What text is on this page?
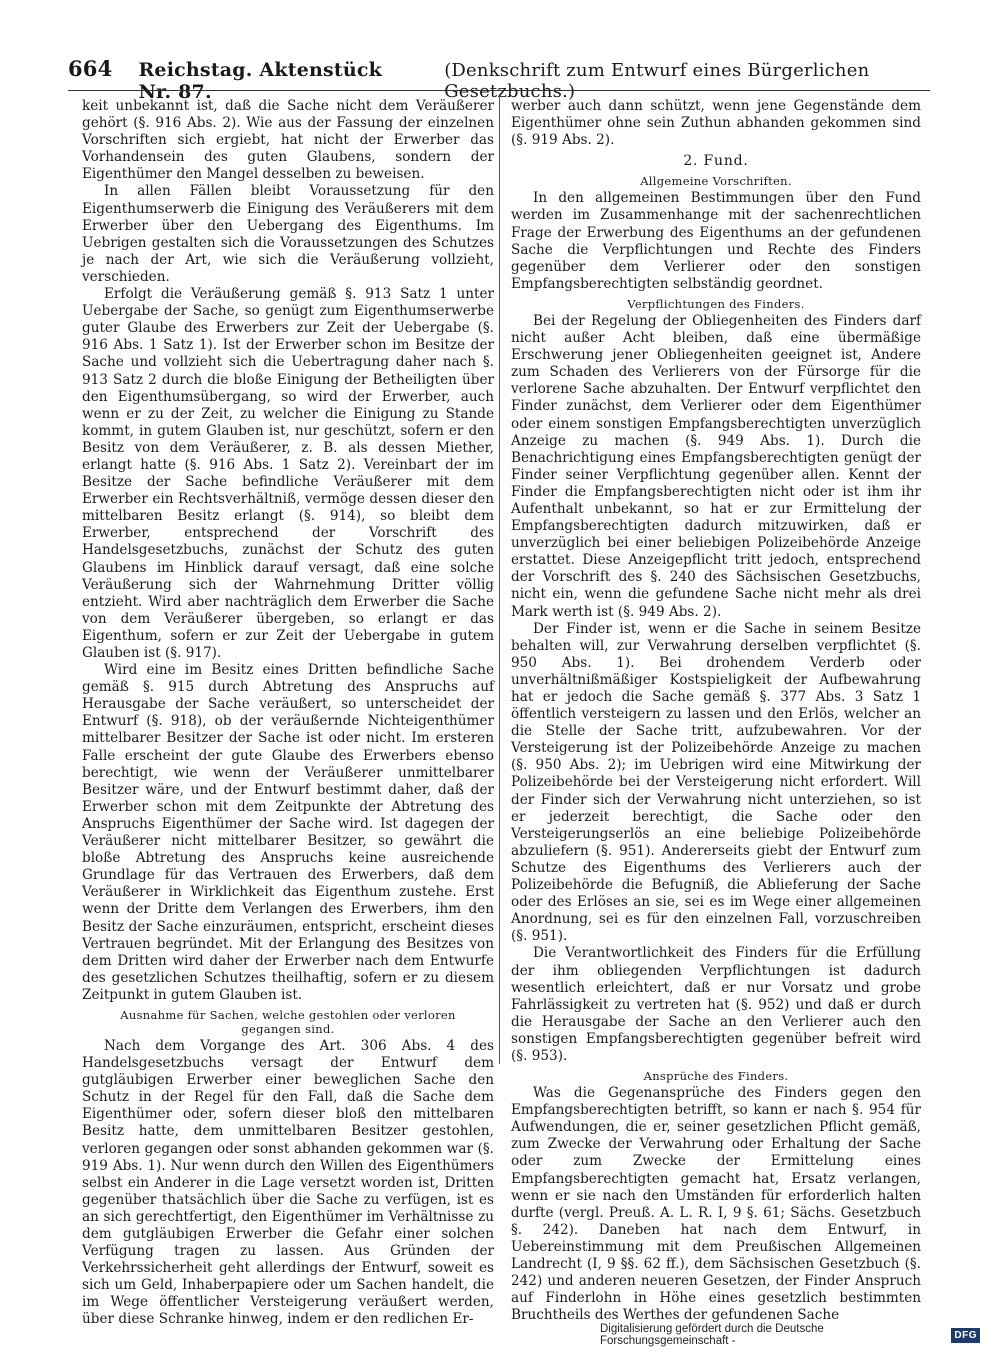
664 Reichstag. Aktenstück Nr. 87.
(Denkschrift zum Entwurf eines Bürgerlichen Gesetzbuchs.)

keit unbekannt ist, daß die Sache nicht dem Veräußerer gehört (§. 916 Abs. 2). Wie aus der Fassung der einzelnen Vorschriften sich ergiebt, hat nicht der Erwerber das Vorhandensein des guten Glaubens, sondern der Eigenthümer den Mangel desselben zu beweisen.

In allen Fällen bleibt Voraussetzung für den Eigenthumserwerb die Einigung des Veräußerers mit dem Erwerber über den Uebergang des Eigenthums. Im Uebrigen gestalten sich die Voraussetzungen des Schutzes je nach der Art, wie sich die Veräußerung vollzieht, verschieden.

Erfolgt die Veräußerung gemäß §. 913 Satz 1 unter Uebergabe der Sache, so genügt zum Eigenthumserwerbe guter Glaube des Erwerbers zur Zeit der Uebergabe (§. 916 Abs. 1 Satz 1). Ist der Erwerber schon im Besitze der Sache und vollzieht sich die Uebertragung daher nach §. 913 Satz 2 durch die bloße Einigung der Betheiligten über den Eigenthumsübergang, so wird der Erwerber, auch wenn er zu der Zeit, zu welcher die Einigung zu Stande kommt, in gutem Glauben ist, nur geschützt, sofern er den Besitz von dem Veräußerer, z. B. als dessen Miether, erlangt hatte (§. 916 Abs. 1 Satz 2). Vereinbart der im Besitze der Sache befindliche Veräußerer mit dem Erwerber ein Rechtsverhältniß, vermöge dessen dieser den mittelbaren Besitz erlangt (§. 914), so bleibt dem Erwerber, entsprechend der Vorschrift des Handelsgesetzbuchs, zunächst der Schutz des guten Glaubens im Hinblick darauf versagt, daß eine solche Veräußerung sich der Wahrnehmung Dritter völlig entzieht. Wird aber nachträglich dem Erwerber die Sache von dem Veräußerer übergeben, so erlangt er das Eigenthum, sofern er zur Zeit der Uebergabe in gutem Glauben ist (§. 917).

Wird eine im Besitz eines Dritten befindliche Sache gemäß §. 915 durch Abtretung des Anspruchs auf Herausgabe der Sache veräußert, so unterscheidet der Entwurf (§. 918), ob der veräußernde Nichteigenthümer mittelbarer Besitzer der Sache ist oder nicht. Im ersteren Falle erscheint der gute Glaube des Erwerbers ebenso berechtigt, wie wenn der Veräußerer unmittelbarer Besitzer wäre, und der Entwurf bestimmt daher, daß der Erwerber schon mit dem Zeitpunkte der Abtretung des Anspruchs Eigenthümer der Sache wird. Ist dagegen der Veräußerer nicht mittelbarer Besitzer, so gewährt die bloße Abtretung des Anspruchs keine ausreichende Grundlage für das Vertrauen des Erwerbers, daß dem Veräußerer in Wirklichkeit das Eigenthum zustehe. Erst wenn der Dritte dem Verlangen des Erwerbers, ihm den Besitz der Sache einzuräumen, entspricht, erscheint dieses Vertrauen begründet. Mit der Erlangung des Besitzes von dem Dritten wird daher der Erwerber nach dem Entwurfe des gesetzlichen Schutzes theilhaftig, sofern er zu diesem Zeitpunkt in gutem Glauben ist.

Ausnahme für Sachen, welche gestohlen oder verloren gegangen sind.

Nach dem Vorgange des Art. 306 Abs. 4 des Handelsgesetzbuchs versagt der Entwurf dem gutgläubigen Erwerber einer beweglichen Sache den Schutz in der Regel für den Fall, daß die Sache dem Eigenthümer oder, sofern dieser bloß den mittelbaren Besitz hatte, dem unmittelbaren Besitzer gestohlen, verloren gegangen oder sonst abhanden gekommen war (§. 919 Abs. 1). Nur wenn durch den Willen des Eigenthümers selbst ein Anderer in die Lage versetzt worden ist, Dritten gegenüber thatsächlich über die Sache zu verfügen, ist es an sich gerechtfertigt, den Eigenthümer im Verhältnisse zu dem gutgläubigen Erwerber die Gefahr einer solchen Verfügung tragen zu lassen. Aus Gründen der Verkehrssicherheit geht allerdings der Entwurf, soweit es sich um Geld, Inhaberpapiere oder um Sachen handelt, die im Wege öffentlicher Versteigerung veräußert werden, über diese Schranke hinweg, indem er den redlichen Er-

werber auch dann schützt, wenn jene Gegenstände dem Eigenthümer ohne sein Zuthun abhanden gekommen sind (§. 919 Abs. 2).

2. Fund.
Allgemeine Vorschriften.

In den allgemeinen Bestimmungen über den Fund werden im Zusammenhange mit der sachenrechtlichen Frage der Erwerbung des Eigenthums an der gefundenen Sache die Verpflichtungen und Rechte des Finders gegenüber dem Verlierer oder den sonstigen Empfangsberechtigten selbständig geordnet.

Verpflichtungen des Finders.

Bei der Regelung der Obliegenheiten des Finders darf nicht außer Acht bleiben, daß eine übermäßige Erschwerung jener Obliegenheiten geeignet ist, Andere zum Schaden des Verlierers von der Fürsorge für die verlorene Sache abzuhalten. Der Entwurf verpflichtet den Finder zunächst, dem Verlierer oder dem Eigenthümer oder einem sonstigen Empfangsberechtigten unverzüglich Anzeige zu machen (§. 949 Abs. 1). Durch die Benachrichtigung eines Empfangsberechtigten genügt der Finder seiner Verpflichtung gegenüber allen. Kennt der Finder die Empfangsberechtigten nicht oder ist ihm ihr Aufenthalt unbekannt, so hat er zur Ermittelung der Empfangsberechtigten dadurch mitzuwirken, daß er unverzüglich bei einer beliebigen Polizeibehörde Anzeige erstattet. Diese Anzeigepflicht tritt jedoch, entsprechend der Vorschrift des §. 240 des Sächsischen Gesetzbuchs, nicht ein, wenn die gefundene Sache nicht mehr als drei Mark werth ist (§. 949 Abs. 2).

Der Finder ist, wenn er die Sache in seinem Besitze behalten will, zur Verwahrung derselben verpflichtet (§. 950 Abs. 1). Bei drohendem Verderb oder unverhältnißmäßiger Kostspieligkeit der Aufbewahrung hat er jedoch die Sache gemäß §. 377 Abs. 3 Satz 1 öffentlich versteigern zu lassen und den Erlös, welcher an die Stelle der Sache tritt, aufzubewahren. Vor der Versteigerung ist der Polizeibehörde Anzeige zu machen (§. 950 Abs. 2); im Uebrigen wird eine Mitwirkung der Polizeibehörde bei der Versteigerung nicht erfordert. Will der Finder sich der Verwahrung nicht unterziehen, so ist er jederzeit berechtigt, die Sache oder den Versteigerungserlös an eine beliebige Polizeibehörde abzuliefern (§. 951). Andererseits giebt der Entwurf zum Schutze des Eigenthums des Verlierers auch der Polizeibehörde die Befugniß, die Ablieferung der Sache oder des Erlöses an sie, sei es im Wege einer allgemeinen Anordnung, sei es für den einzelnen Fall, vorzuschreiben (§. 951).

Die Verantwortlichkeit des Finders für die Erfüllung der ihm obliegenden Verpflichtungen ist dadurch wesentlich erleichtert, daß er nur Vorsatz und grobe Fahrlässigkeit zu vertreten hat (§. 952) und daß er durch die Herausgabe der Sache an den Verlierer auch den sonstigen Empfangsberechtigten gegenüber befreit wird (§. 953).

Ansprüche des Finders.

Was die Gegenansprüche des Finders gegen den Empfangsberechtigten betrifft, so kann er nach §. 954 für Aufwendungen, die er, seiner gesetzlichen Pflicht gemäß, zum Zwecke der Verwahrung oder Erhaltung der Sache oder zum Zwecke der Ermittelung eines Empfangsberechtigten gemacht hat, Ersatz verlangen, wenn er sie nach den Umständen für erforderlich halten durfte (vergl. Preuß. A. L. R. I, 9 §. 61; Sächs. Gesetzbuch §. 242). Daneben hat nach dem Entwurf, in Uebereinstimmung mit dem Preußischen Allgemeinen Landrecht (I, 9 §§. 62 ff.), dem Sächsischen Gesetzbuch (§. 242) und anderen neueren Gesetzen, der Finder Anspruch auf Finderlohn in Höhe eines gesetzlich bestimmten Bruchtheils des Werthes der gefundenen Sache

Digitalisierung gefördert durch die Deutsche Forschungsgemeinschaft -	DFG
